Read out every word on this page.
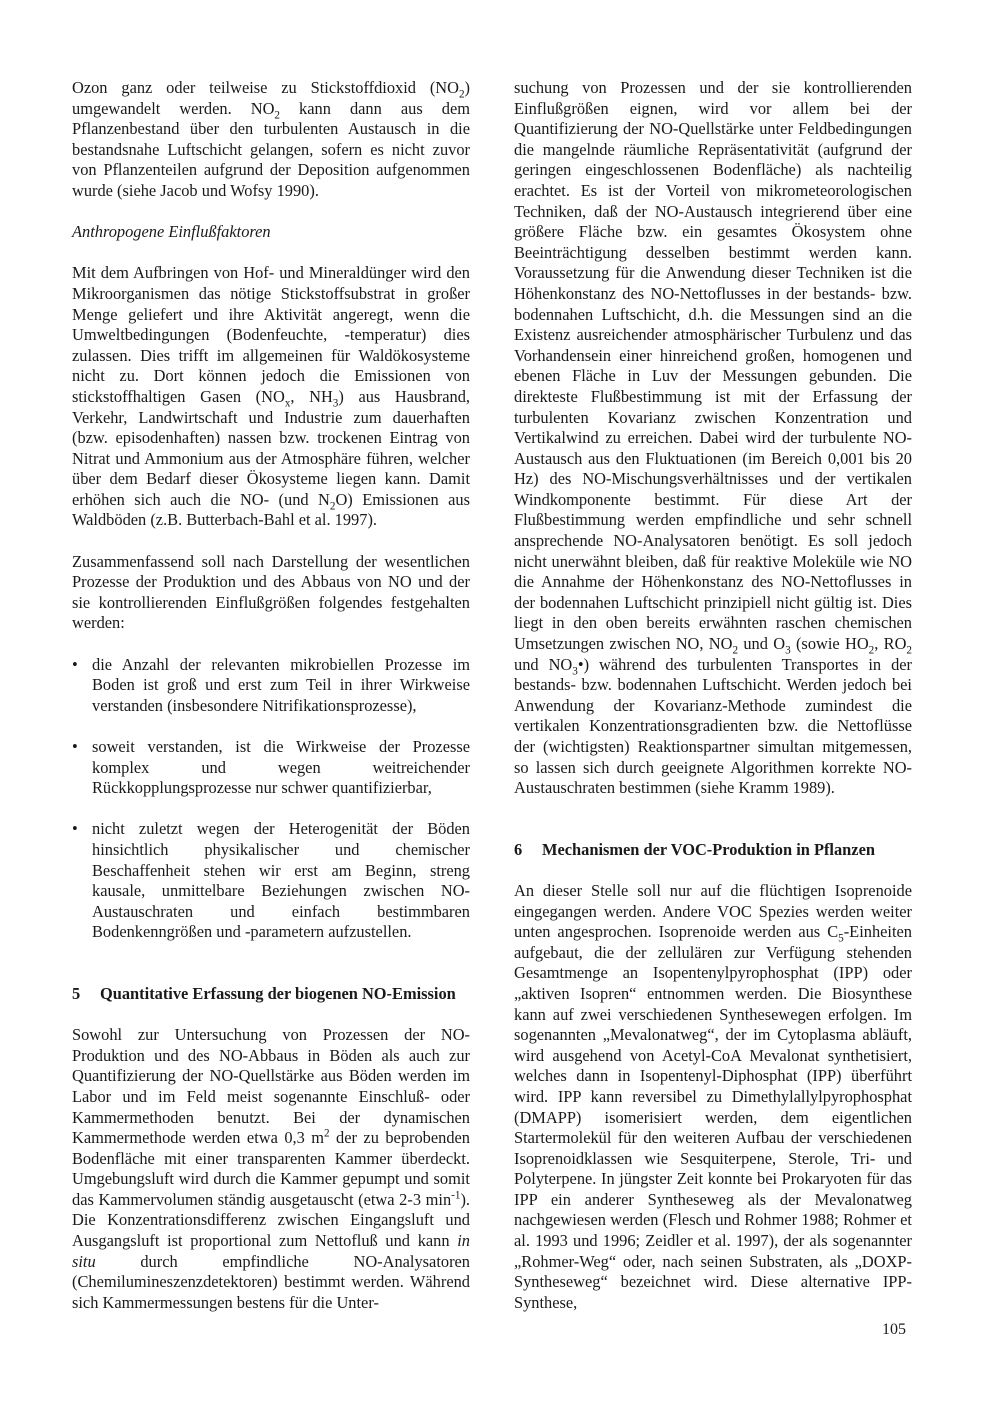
Ozon ganz oder teilweise zu Stickstoffdioxid $(NO_2)$ umgewandelt werden. $NO_2$ kann dann aus dem Pflanzenbestand über den turbulenten Austausch in die bestandsnahe Luftschicht gelangen, sofern es nicht zuvor von Pflanzenteilen aufgrund der Deposition aufgenommen wurde (siehe Jacob und Wofsy 1990).

Anthropogene Einflußfaktoren

Mit dem Aufbringen von Hof- und Mineraldünger wird den Mikroorganismen das nötige Stickstoffsubstrat in großer Menge geliefert und ihre Aktivität angeregt, wenn die Umweltbedingungen (Bodenfeuchte, -temperatur) dies zulassen. Dies trifft im allgemeinen für Waldökosysteme nicht zu. Dort können jedoch die Emissionen von stickstoffhaltigen Gasen ($NO_x$, $NH_3$) aus Hausbrand, Verkehr, Landwirtschaft und Industrie zum dauerhaften (bzw. episodenhaften) nassen bzw. trockenen Eintrag von Nitrat und Ammonium aus der Atmosphäre führen, welcher über dem Bedarf dieser Ökosysteme liegen kann. Damit erhöhen sich auch die NO- (und $N_2O$) Emissionen aus Waldböden (z.B. Butterbach-Bahl et al. 1997).

Zusammenfassend soll nach Darstellung der wesentlichen Prozesse der Produktion und des Abbaus von NO und der sie kontrollierenden Einflußgrößen folgendes festgehalten werden:

• die Anzahl der relevanten mikrobiellen Prozesse im Boden ist groß und erst zum Teil in ihrer Wirkweise verstanden (insbesondere Nitrifikationsprozesse),
• soweit verstanden, ist die Wirkweise der Prozesse komplex und wegen weitreichender Rückkopplungsprozesse nur schwer quantifizierbar,
• nicht zuletzt wegen der Heterogenität der Böden hinsichtlich physikalischer und chemischer Beschaffenheit stehen wir erst am Beginn, streng kausale, unmittelbare Beziehungen zwischen NO-Austauschraten und einfach bestimmbaren Bodenkenngrößen und -parametern aufzustellen.
5	Quantitative Erfassung der biogenen NO-Emission

Sowohl zur Untersuchung von Prozessen der NO-Produktion und des NO-Abbaus in Böden als auch zur Quantifizierung der NO-Quellstärke aus Böden werden im Labor und im Feld meist sogenannte Einschluß- oder Kammermethoden benutzt. Bei der dynamischen Kammermethode werden etwa 0,3 $m^2$ der zu beprobenden Bodenfläche mit einer transparenten Kammer überdeckt. Umgebungsluft wird durch die Kammer gepumpt und somit das Kammervolumen ständig ausgetauscht (etwa 2-3 $\min^{-1}$). Die Konzentrationsdifferenz zwischen Eingangsluft und Ausgangsluft ist proportional zum Nettofluß und kann in situ durch empfindliche NO-Analysatoren (Chemilumineszenzdetektoren) bestimmt werden. Während sich Kammermessungen bestens für die Unter-

suchung von Prozessen und der sie kontrollierenden Einflußgrößen eignen, wird vor allem bei der Quantifizierung der NO-Quellstärke unter Feldbedingungen die mangelnde räumliche Repräsentativität (aufgrund der geringen eingeschlossenen Bodenfläche) als nachteilig erachtet. Es ist der Vorteil von mikrometeorologischen Techniken, daß der NO-Austausch integrierend über eine größere Fläche bzw. ein gesamtes Ökosystem ohne Beeinträchtigung desselben bestimmt werden kann. Voraussetzung für die Anwendung dieser Techniken ist die Höhenkonstanz des NO-Nettoflusses in der bestands- bzw. bodennahen Luftschicht, d.h. die Messungen sind an die Existenz ausreichender atmosphärischer Turbulenz und das Vorhandensein einer hinreichend großen, homogenen und ebenen Fläche in Luv der Messungen gebunden. Die direkteste Flußbestimmung ist mit der Erfassung der turbulenten Kovarianz zwischen Konzentration und Vertikalwind zu erreichen. Dabei wird der turbulente NO-Austausch aus den Fluktuationen (im Bereich 0,001 bis 20 Hz) des NO-Mischungsverhältnisses und der vertikalen Windkomponente bestimmt. Für diese Art der Flußbestimmung werden empfindliche und sehr schnell ansprechende NO-Analysatoren benötigt. Es soll jedoch nicht unerwähnt bleiben, daß für reaktive Moleküle wie NO die Annahme der Höhenkonstanz des NO-Nettoflusses in der bodennahen Luftschicht prinzipiell nicht gültig ist. Dies liegt in den oben bereits erwähnten raschen chemischen Umsetzungen zwischen NO, $NO_2$ und $O_3$ (sowie $HO_2$, $RO_2$ und $NO_3•$) während des turbulenten Transportes in der bestands- bzw. bodennahen Luftschicht. Werden jedoch bei Anwendung der Kovarianz-Methode zumindest die vertikalen Konzentrationsgradienten bzw. die Nettoflüsse der (wichtigsten) Reaktionspartner simultan mitgemessen, so lassen sich durch geeignete Algorithmen korrekte NO-Austauschraten bestimmen (siehe Kramm 1989).

6	Mechanismen der VOC-Produktion in Pflanzen

An dieser Stelle soll nur auf die flüchtigen Isoprenoide eingegangen werden. Andere VOC Spezies werden weiter unten angesprochen. Isoprenoide werden aus $C_5$-Einheiten aufgebaut, die der zellulären zur Verfügung stehenden Gesamtmenge an Isopentenylpyrophosphat (IPP) oder „aktiven Isopren“ entnommen werden. Die Biosynthese kann auf zwei verschiedenen Synthesewegen erfolgen. Im sogenannten „Mevalonatweg“, der im Cytoplasma abläuft, wird ausgehend von Acetyl-CoA Mevalonat synthetisiert, welches dann in Isopentenyl-Diphosphat (IPP) überführt wird. IPP kann reversibel zu Dimethylallylpyrophosphat (DMAPP) isomerisiert werden, dem eigentlichen Startermolekül für den weiteren Aufbau der verschiedenen Isoprenoidklassen wie Sesquiterpene, Sterole, Tri- und Polyterpene. In jüngster Zeit konnte bei Prokaryoten für das IPP ein anderer Syntheseweg als der Mevalonatweg nachgewiesen werden (Flesch und Rohmer 1988; Rohmer et al. 1993 und 1996; Zeidler et al. 1997), der als sogenannter „Rohmer-Weg“ oder, nach seinen Substraten, als „DOXP-Syntheseweg“ bezeichnet wird. Diese alternative IPP-Synthese,

105
